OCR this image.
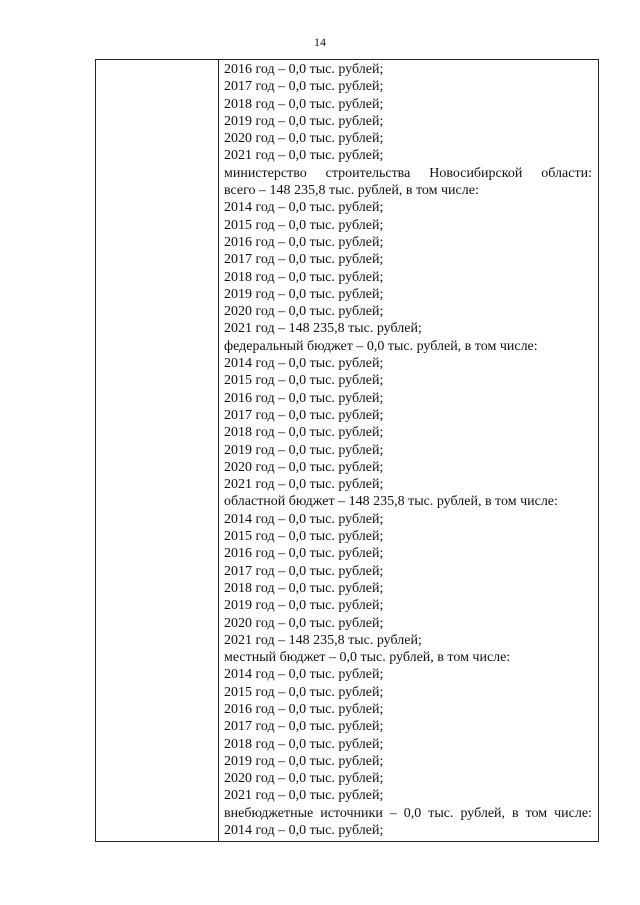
14

2016 год – 0,0 тыс. рублей;
2017 год – 0,0 тыс. рублей;
2018 год – 0,0 тыс. рублей;
2019 год – 0,0 тыс. рублей;
2020 год – 0,0 тыс. рублей;
2021 год – 0,0 тыс. рублей;
министерство строительства Новосибирской области:
всего – 148 235,8 тыс. рублей, в том числе:
2014 год – 0,0 тыс. рублей;
2015 год – 0,0 тыс. рублей;
2016 год – 0,0 тыс. рублей;
2017 год – 0,0 тыс. рублей;
2018 год – 0,0 тыс. рублей;
2019 год – 0,0 тыс. рублей;
2020 год – 0,0 тыс. рублей;
2021 год – 148 235,8 тыс. рублей;
федеральный бюджет – 0,0 тыс. рублей, в том числе:
2014 год – 0,0 тыс. рублей;
2015 год – 0,0 тыс. рублей;
2016 год – 0,0 тыс. рублей;
2017 год – 0,0 тыс. рублей;
2018 год – 0,0 тыс. рублей;
2019 год – 0,0 тыс. рублей;
2020 год – 0,0 тыс. рублей;
2021 год – 0,0 тыс. рублей;
областной бюджет – 148 235,8 тыс. рублей, в том числе:
2014 год – 0,0 тыс. рублей;
2015 год – 0,0 тыс. рублей;
2016 год – 0,0 тыс. рублей;
2017 год – 0,0 тыс. рублей;
2018 год – 0,0 тыс. рублей;
2019 год – 0,0 тыс. рублей;
2020 год – 0,0 тыс. рублей;
2021 год – 148 235,8 тыс. рублей;
местный бюджет – 0,0 тыс. рублей, в том числе:
2014 год – 0,0 тыс. рублей;
2015 год – 0,0 тыс. рублей;
2016 год – 0,0 тыс. рублей;
2017 год – 0,0 тыс. рублей;
2018 год – 0,0 тыс. рублей;
2019 год – 0,0 тыс. рублей;
2020 год – 0,0 тыс. рублей;
2021 год – 0,0 тыс. рублей;
внебюджетные источники – 0,0 тыс. рублей, в том числе:
2014 год – 0,0 тыс. рублей;
